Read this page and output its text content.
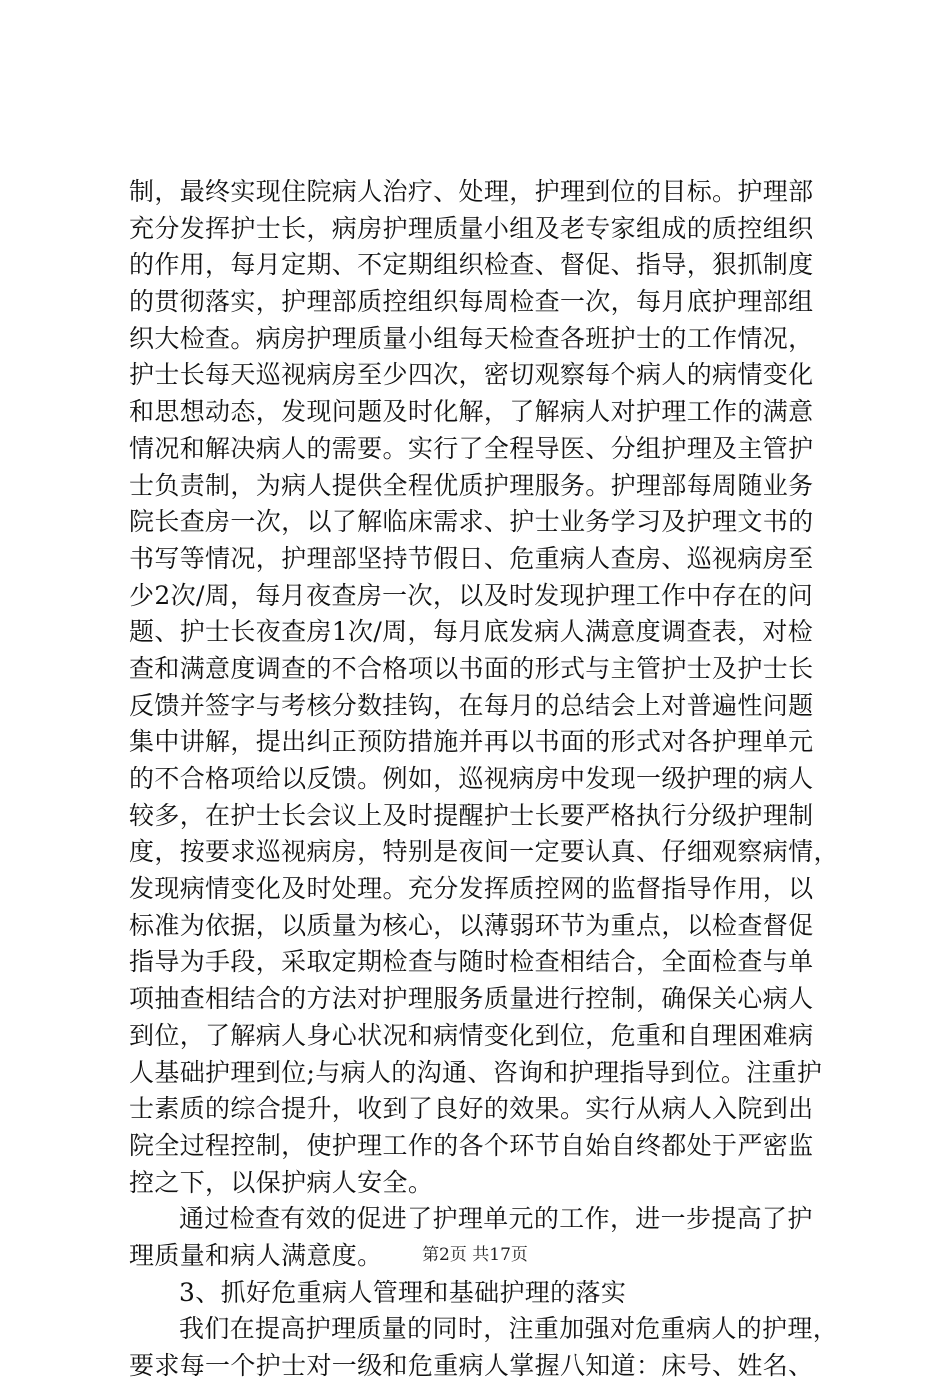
制，最终实现住院病人治疗、处理，护理到位的目标。护理部
充分发挥护士长，病房护理质量小组及老专家组成的质控组织
的作用，每月定期、不定期组织检查、督促、指导，狠抓制度
的贯彻落实，护理部质控组织每周检查一次，每月底护理部组
织大检查。病房护理质量小组每天检查各班护士的工作情况，
护士长每天巡视病房至少四次，密切观察每个病人的病情变化
和思想动态，发现问题及时化解，了解病人对护理工作的满意
情况和解决病人的需要。实行了全程导医、分组护理及主管护
士负责制，为病人提供全程优质护理服务。护理部每周随业务
院长查房一次，以了解临床需求、护士业务学习及护理文书的
书写等情况，护理部坚持节假日、危重病人查房、巡视病房至
少2次/周，每月夜查房一次，以及时发现护理工作中存在的问
题、护士长夜查房1次/周，每月底发病人满意度调查表，对检
查和满意度调查的不合格项以书面的形式与主管护士及护士长
反馈并签字与考核分数挂钩，在每月的总结会上对普遍性问题
集中讲解，提出纠正预防措施并再以书面的形式对各护理单元
的不合格项给以反馈。例如，巡视病房中发现一级护理的病人
较多，在护士长会议上及时提醒护士长要严格执行分级护理制
度，按要求巡视病房，特别是夜间一定要认真、仔细观察病情，
发现病情变化及时处理。充分发挥质控网的监督指导作用，以
标准为依据，以质量为核心，以薄弱环节为重点，以检查督促
指导为手段，采取定期检查与随时检查相结合，全面检查与单
项抽查相结合的方法对护理服务质量进行控制，确保关心病人
到位，了解病人身心状况和病情变化到位，危重和自理困难病
人基础护理到位;与病人的沟通、咨询和护理指导到位。注重护
士素质的综合提升，收到了良好的效果。实行从病人入院到出
院全过程控制，使护理工作的各个环节自始自终都处于严密监
控之下，以保护病人安全。
通过检查有效的促进了护理单元的工作，进一步提高了护
理质量和病人满意度。
3、抓好危重病人管理和基础护理的落实
我们在提高护理质量的同时，注重加强对危重病人的护理，
要求每一个护士对一级和危重病人掌握八知道：床号、姓名、
第2页 共17页
